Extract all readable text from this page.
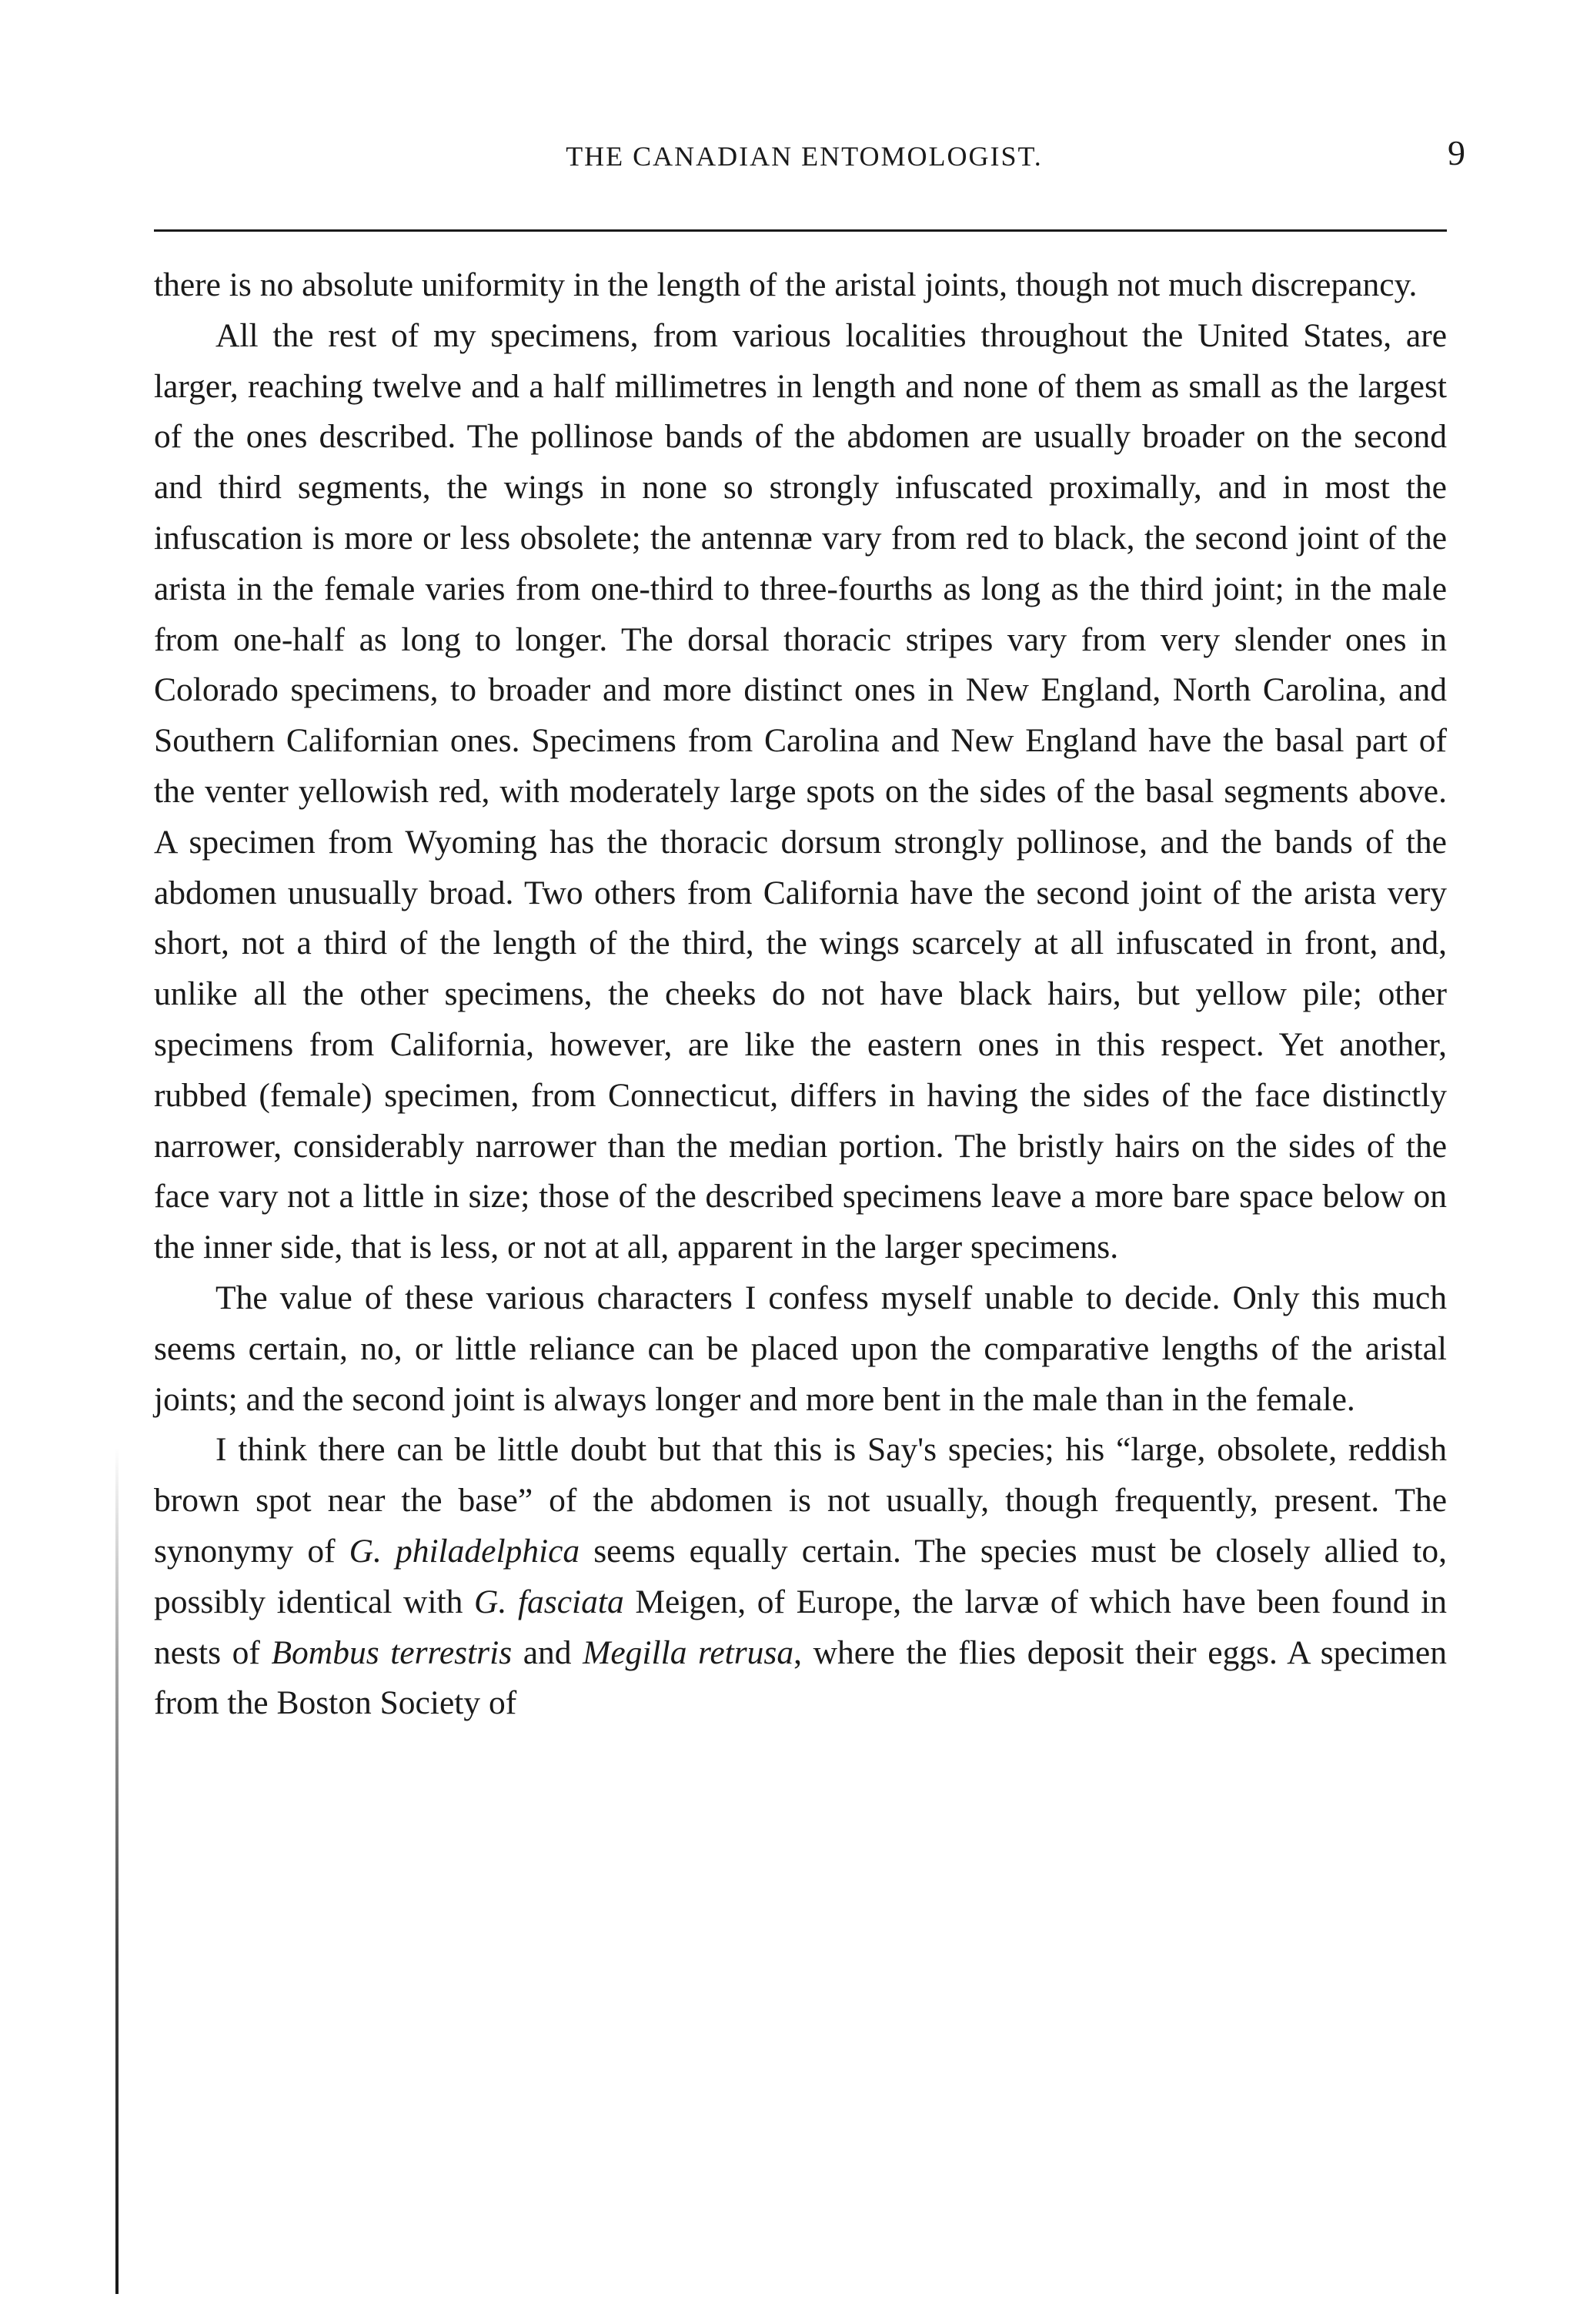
THE CANADIAN ENTOMOLOGIST.	9

there is no absolute uniformity in the length of the aristal joints, though not much discrepancy.

All the rest of my specimens, from various localities throughout the United States, are larger, reaching twelve and a half millimetres in length and none of them as small as the largest of the ones described. The pollinose bands of the abdomen are usually broader on the second and third segments, the wings in none so strongly infuscated proximally, and in most the infuscation is more or less obsolete; the antennæ vary from red to black, the second joint of the arista in the female varies from one-third to three-fourths as long as the third joint; in the male from one-half as long to longer. The dorsal thoracic stripes vary from very slender ones in Colorado specimens, to broader and more distinct ones in New England, North Carolina, and Southern Californian ones. Specimens from Carolina and New England have the basal part of the venter yellowish red, with moderately large spots on the sides of the basal segments above. A specimen from Wyoming has the thoracic dorsum strongly pollinose, and the bands of the abdomen unusually broad. Two others from California have the second joint of the arista very short, not a third of the length of the third, the wings scarcely at all infuscated in front, and, unlike all the other specimens, the cheeks do not have black hairs, but yellow pile; other specimens from California, however, are like the eastern ones in this respect. Yet another, rubbed (female) specimen, from Connecticut, differs in having the sides of the face distinctly narrower, considerably narrower than the median portion. The bristly hairs on the sides of the face vary not a little in size; those of the described specimens leave a more bare space below on the inner side, that is less, or not at all, apparent in the larger specimens.

The value of these various characters I confess myself unable to decide. Only this much seems certain, no, or little reliance can be placed upon the comparative lengths of the aristal joints; and the second joint is always longer and more bent in the male than in the female.

I think there can be little doubt but that this is Say's species; his “large, obsolete, reddish brown spot near the base” of the abdomen is not usually, though frequently, present. The synonymy of G. philadelphica seems equally certain. The species must be closely allied to, possibly identical with G. fasciata Meigen, of Europe, the larvæ of which have been found in nests of Bombus terrestris and Megilla retrusa, where the flies deposit their eggs. A specimen from the Boston Society of
